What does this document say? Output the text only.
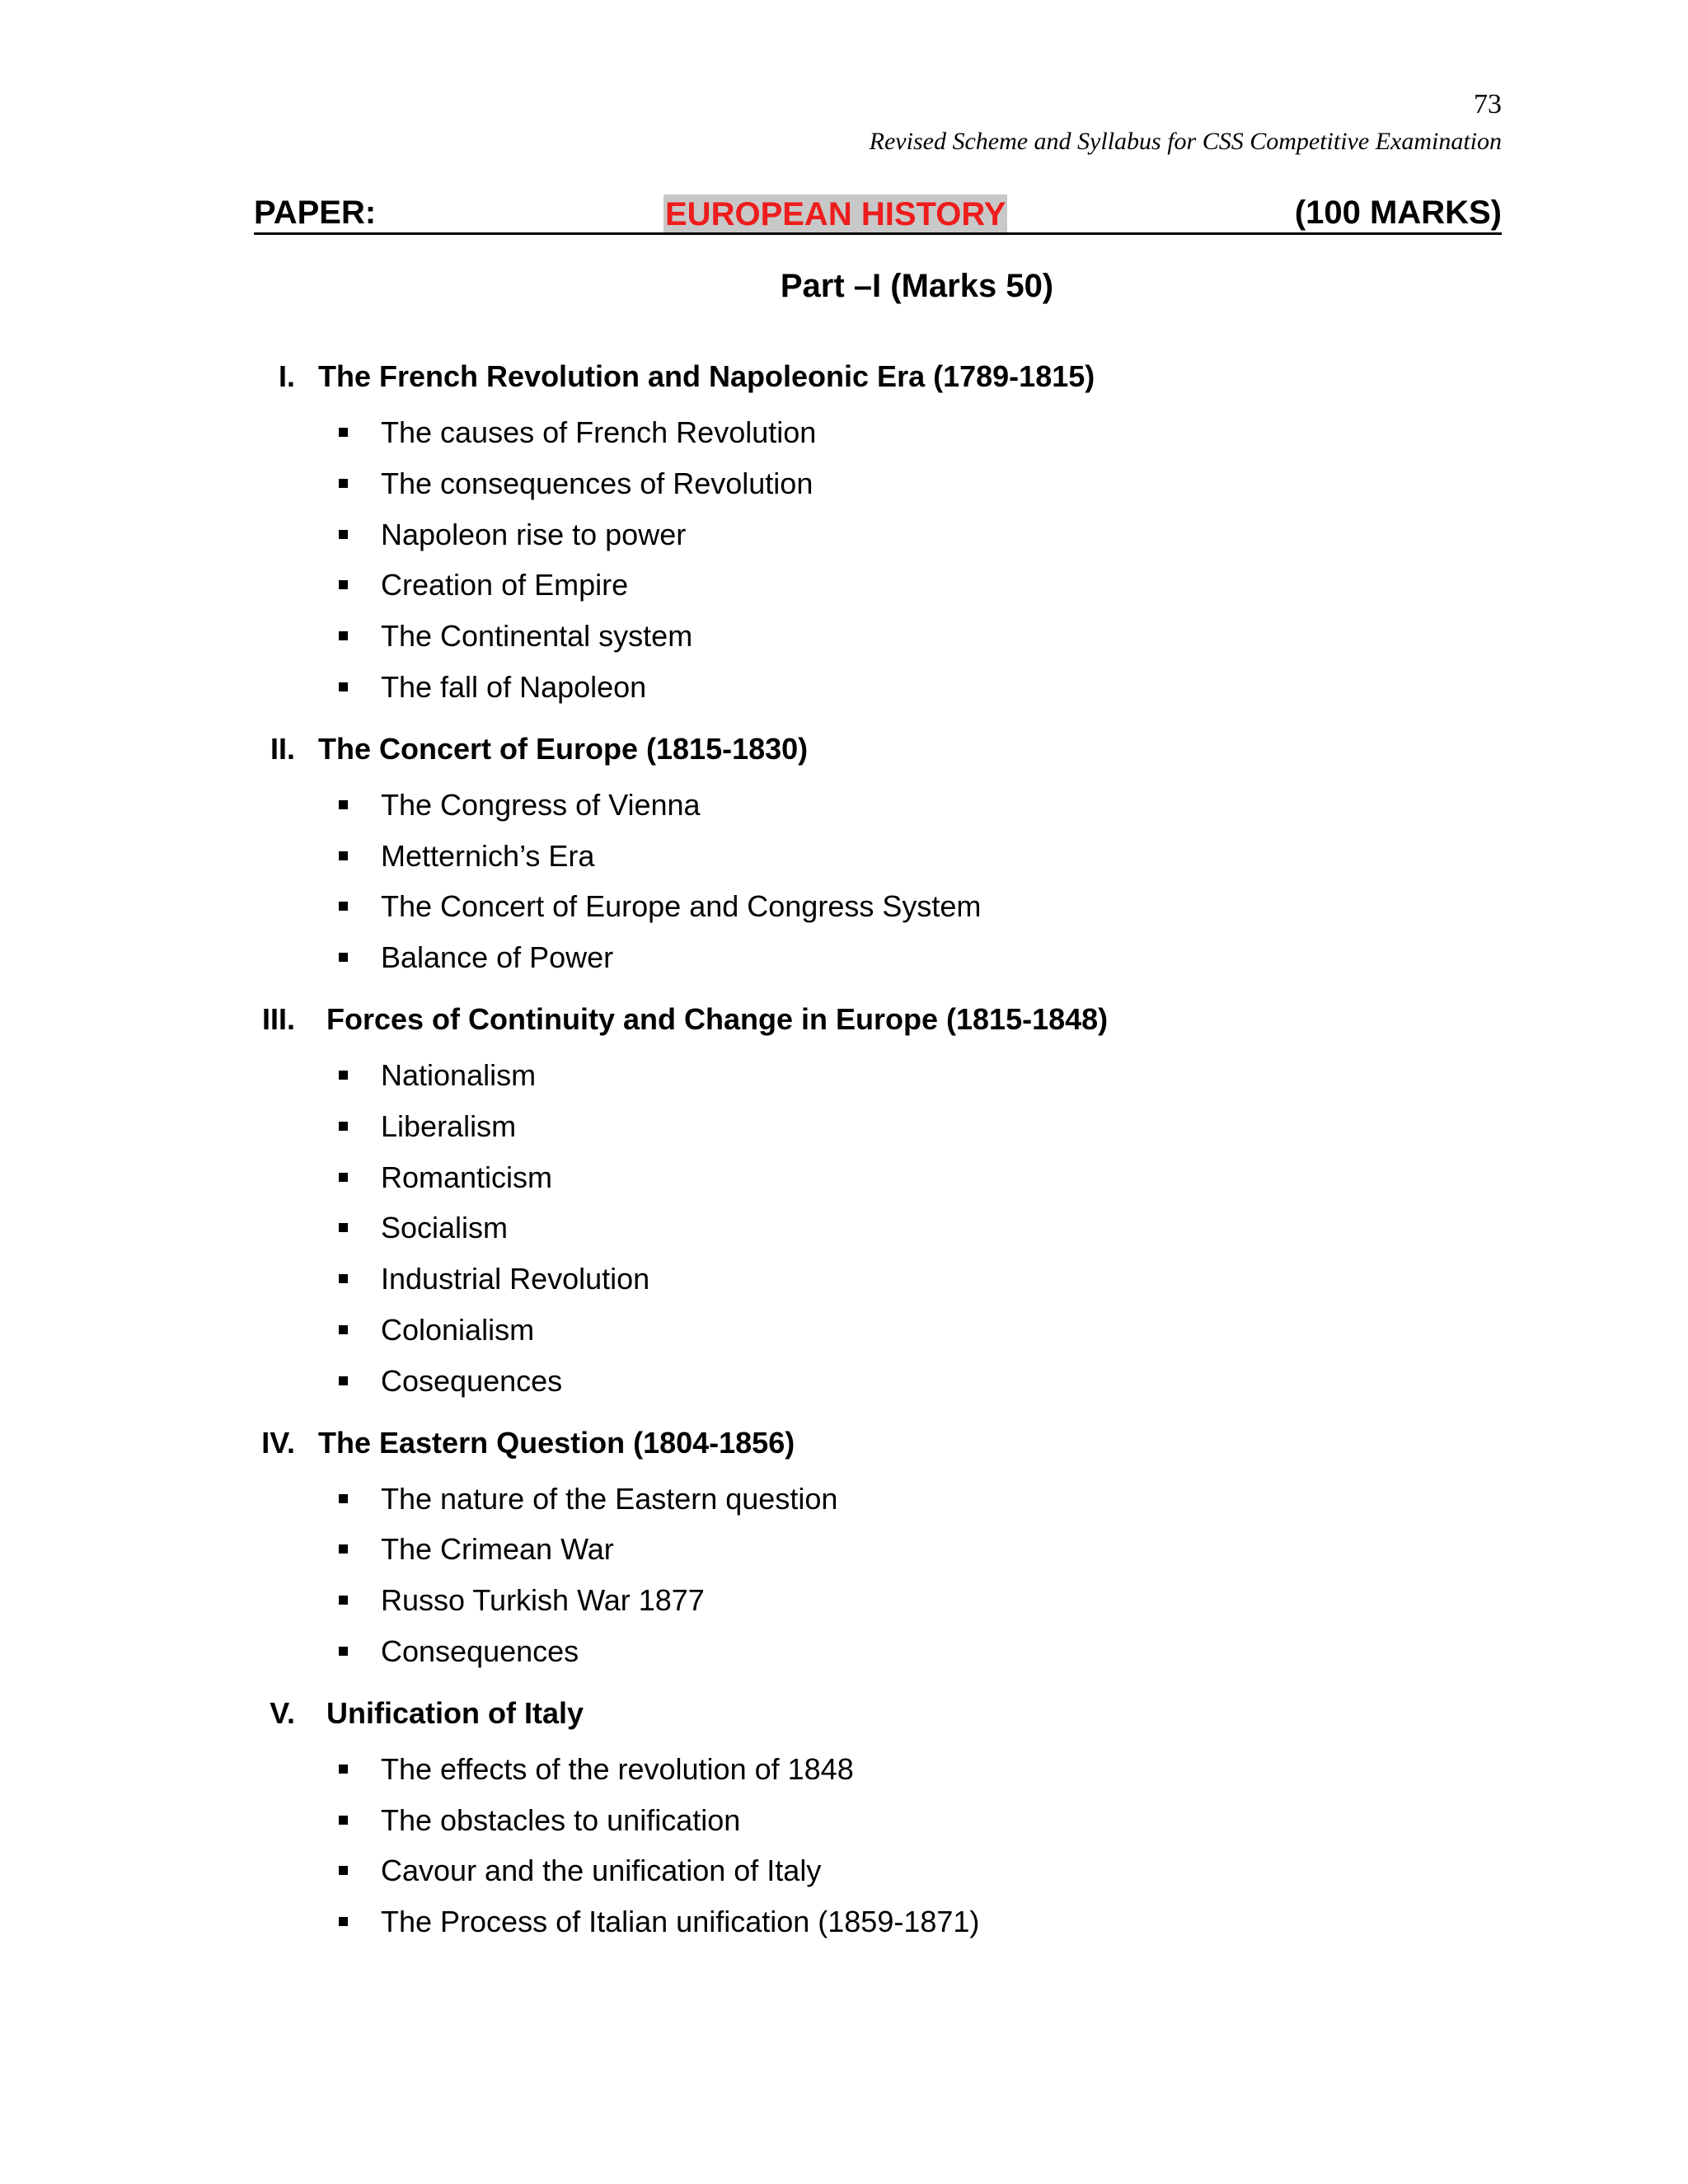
73
Revised Scheme and Syllabus for CSS Competitive Examination
PAPER:	EUROPEAN HISTORY	(100 MARKS)
Part –I (Marks 50)
I. The French Revolution and Napoleonic Era (1789-1815)
The causes of French Revolution
The consequences of Revolution
Napoleon rise to power
Creation of Empire
The Continental system
The fall of Napoleon
II. The Concert of Europe (1815-1830)
The Congress of Vienna
Metternich’s Era
The Concert of Europe and Congress System
Balance of Power
III. Forces of Continuity and Change in Europe (1815-1848)
Nationalism
Liberalism
Romanticism
Socialism
Industrial Revolution
Colonialism
Cosequences
IV. The Eastern Question (1804-1856)
The nature of the Eastern question
The Crimean War
Russo Turkish War 1877
Consequences
V. Unification of Italy
The effects of the revolution of 1848
The obstacles to unification
Cavour and the unification of Italy
The Process of Italian unification (1859-1871)
